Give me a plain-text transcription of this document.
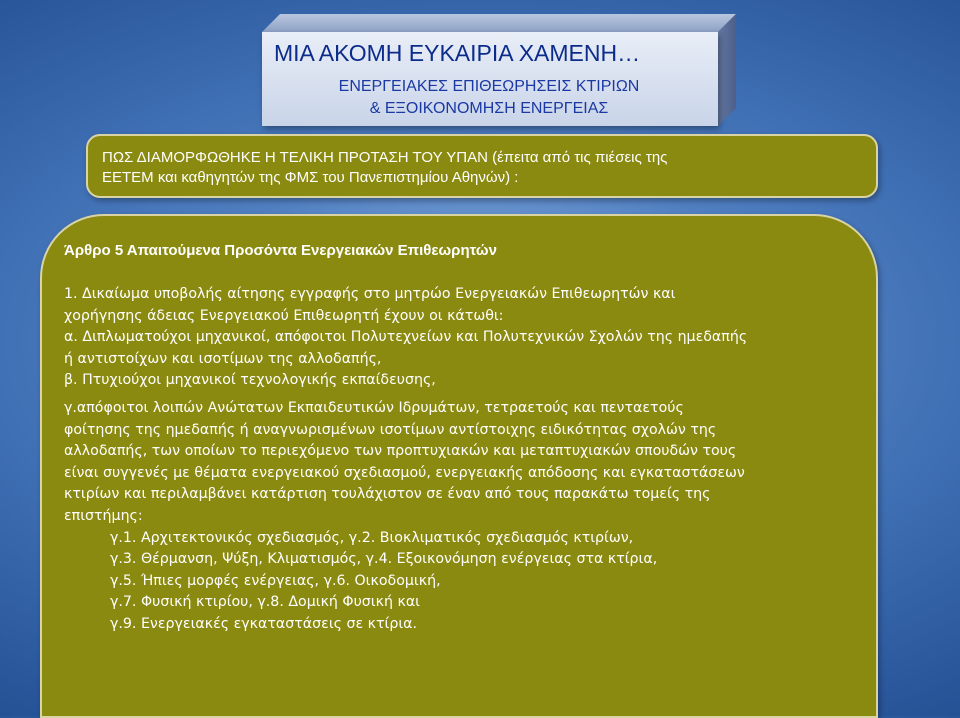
ΜΙΑ ΑΚΟΜΗ ΕΥΚΑΙΡΙΑ ΧΑΜΕΝΗ…
ΕΝΕΡΓΕΙΑΚΕΣ ΕΠΙΘΕΩΡΗΣΕΙΣ ΚΤΙΡΙΩΝ
& ΕΞΟΙΚΟΝΟΜΗΣΗ ΕΝΕΡΓΕΙΑΣ
ΠΩΣ ΔΙΑΜΟΡΦΩΘΗΚΕ Η ΤΕΛΙΚΗ ΠΡΟΤΑΣΗ ΤΟΥ ΥΠΑΝ (έπειτα από τις πιέσεις της
ΕΕΤΕΜ και καθηγητών της ΦΜΣ του Πανεπιστημίου Αθηνών) :
Άρθρο 5 Απαιτούμενα Προσόντα Ενεργειακών Επιθεωρητών
1. Δικαίωμα υποβολής αίτησης εγγραφής στο μητρώο Ενεργειακών Επιθεωρητών και
χορήγησης άδειας Ενεργειακού Επιθεωρητή έχουν οι κάτωθι:
α. Διπλωματούχοι μηχανικοί, απόφοιτοι Πολυτεχνείων και Πολυτεχνικών Σχολών της ημεδαπής
ή αντιστοίχων και ισοτίμων της αλλοδαπής,
β. Πτυχιούχοι μηχανικοί τεχνολογικής εκπαίδευσης,
γ.απόφοιτοι λοιπών Ανώτατων Εκπαιδευτικών Ιδρυμάτων, τετραετούς και πενταετούς
φοίτησης της ημεδαπής ή αναγνωρισμένων ισοτίμων αντίστοιχης ειδικότητας σχολών της
αλλοδαπής, των οποίων το περιεχόμενο των προπτυχιακών και μεταπτυχιακών σπουδών τους
είναι συγγενές με θέματα ενεργειακού σχεδιασμού, ενεργειακής απόδοσης και εγκαταστάσεων
κτιρίων και περιλαμβάνει κατάρτιση τουλάχιστον σε έναν από τους παρακάτω τομείς της
επιστήμης:
γ.1. Αρχιτεκτονικός σχεδιασμός, γ.2. Βιοκλιματικός σχεδιασμός κτιρίων,
γ.3. Θέρμανση, Ψύξη, Κλιματισμός, γ.4. Εξοικονόμηση ενέργειας στα κτίρια,
γ.5. Ήπιες μορφές ενέργειας, γ.6. Οικοδομική,
γ.7. Φυσική κτιρίου, γ.8. Δομική Φυσική και
γ.9. Ενεργειακές εγκαταστάσεις σε κτίρια.
